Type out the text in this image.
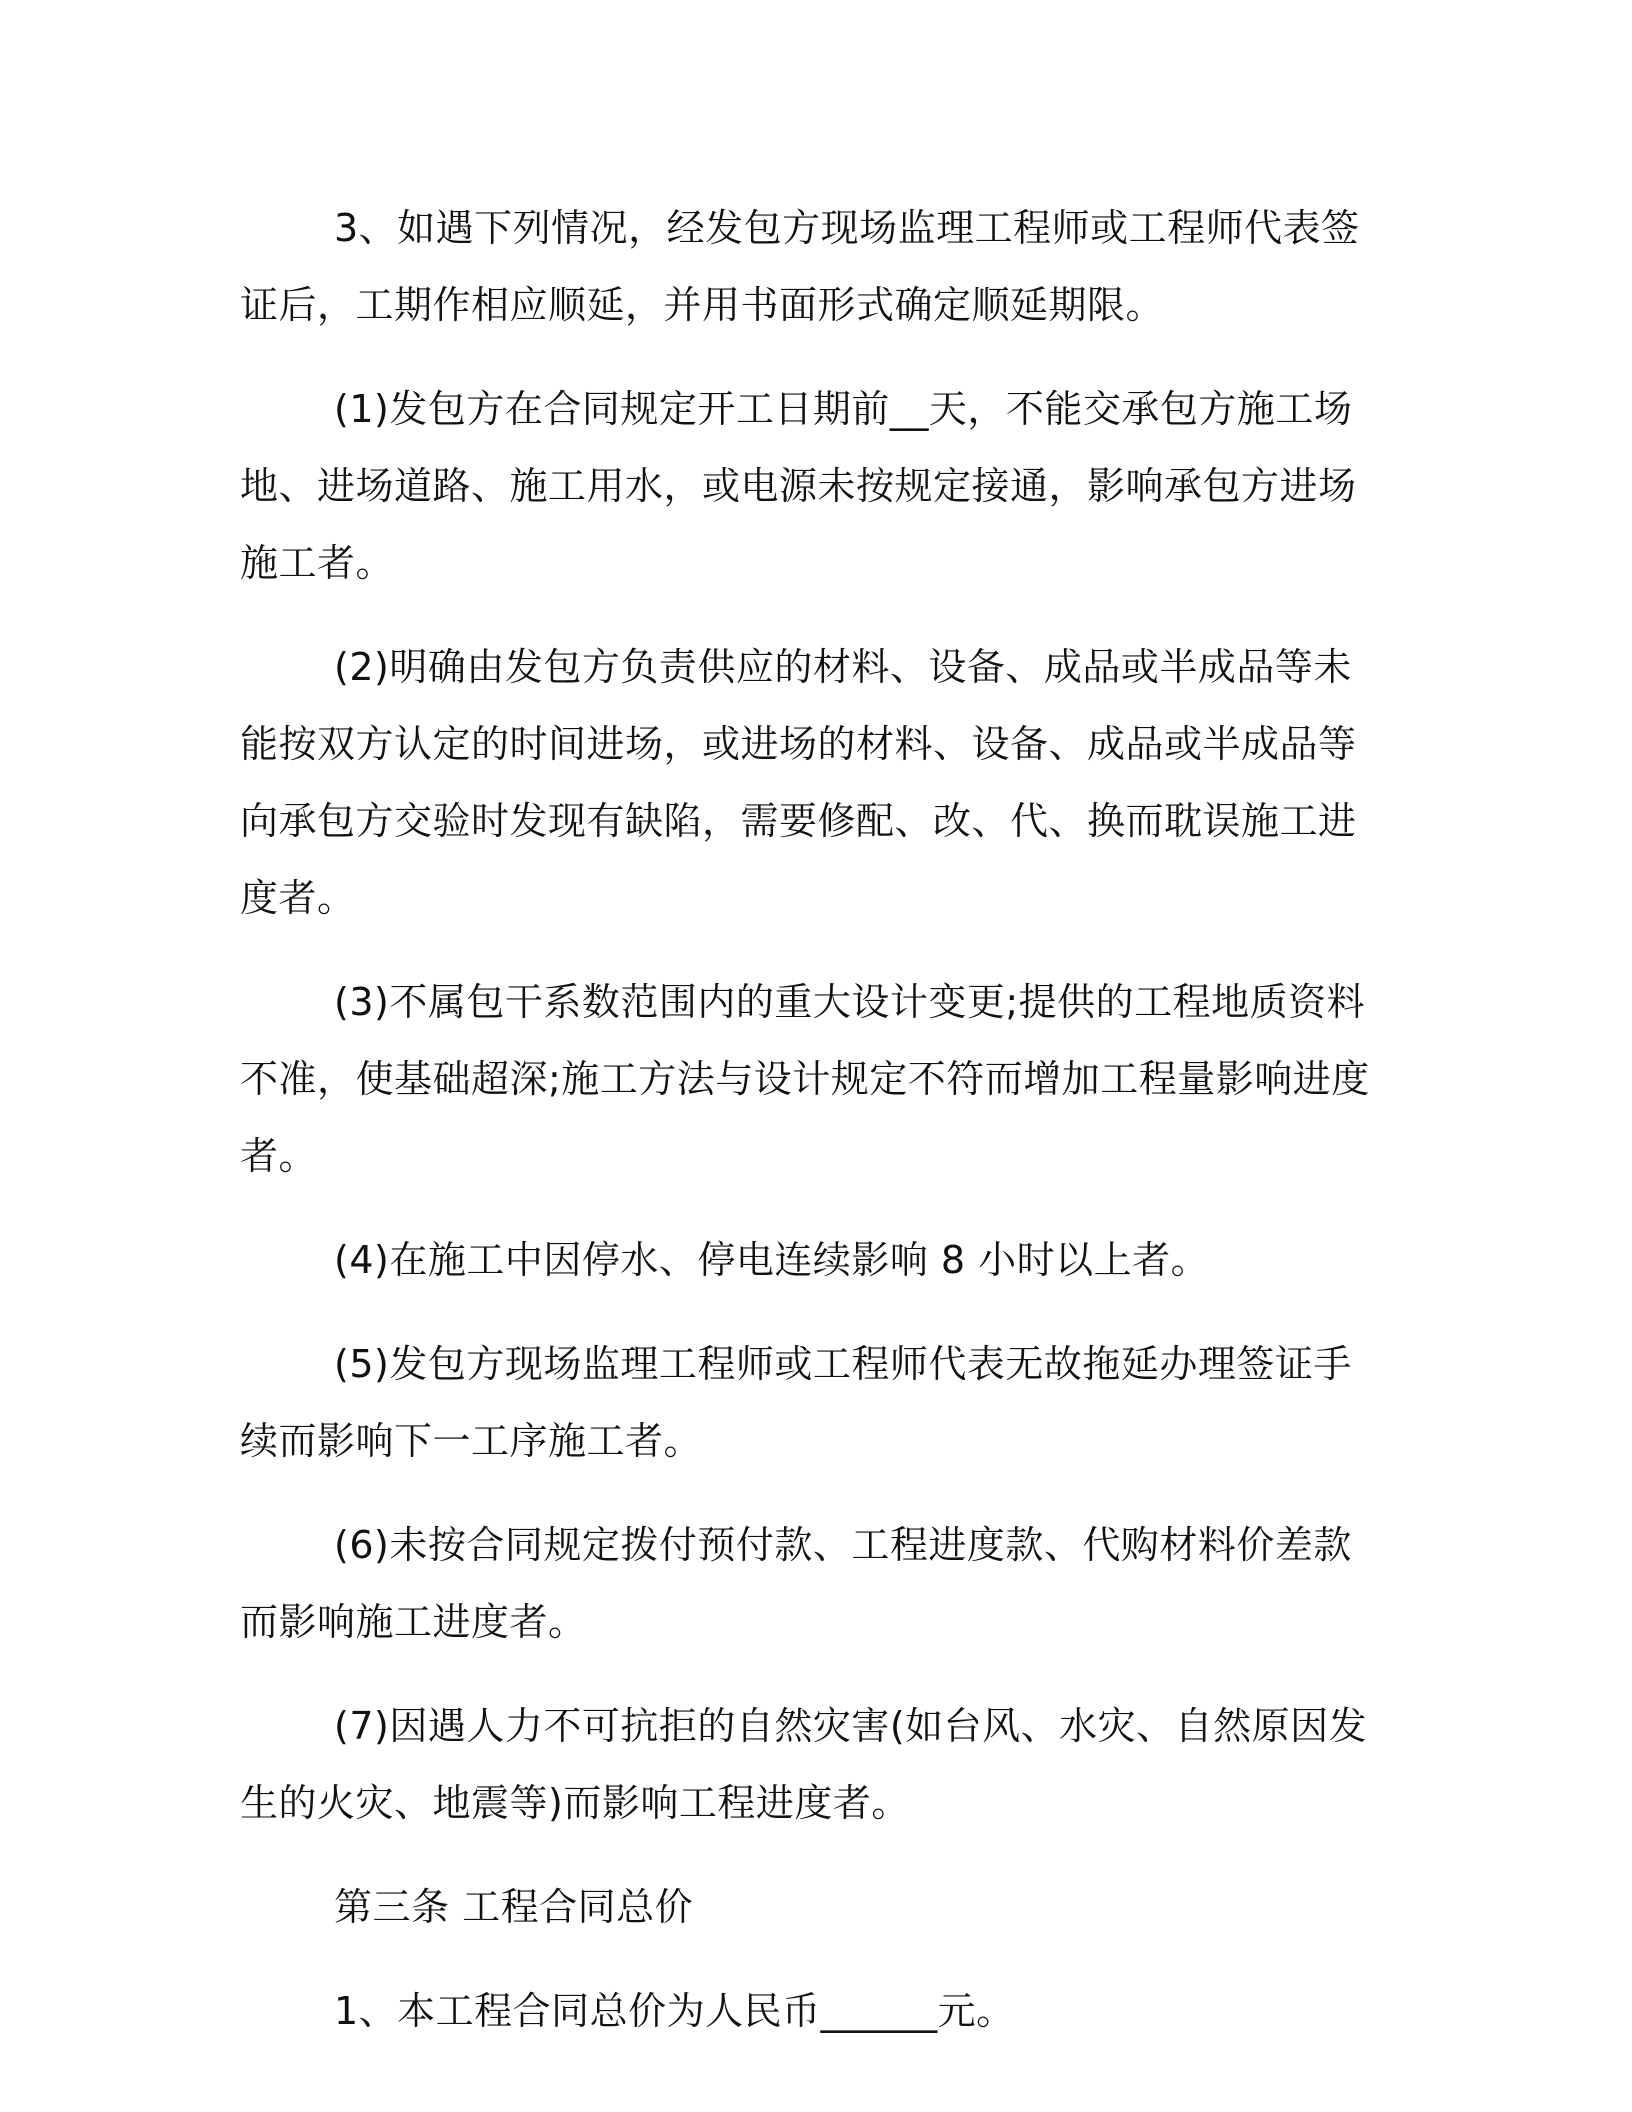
3、如遇下列情况，经发包方现场监理工程师或工程师代表签证后，工期作相应顺延，并用书面形式确定顺延期限。

(1)发包方在合同规定开工日期前__天，不能交承包方施工场地、进场道路、施工用水，或电源未按规定接通，影响承包方进场施工者。

(2)明确由发包方负责供应的材料、设备、成品或半成品等未能按双方认定的时间进场，或进场的材料、设备、成品或半成品等向承包方交验时发现有缺陷，需要修配、改、代、换而耽误施工进度者。

(3)不属包干系数范围内的重大设计变更;提供的工程地质资料不准，使基础超深;施工方法与设计规定不符而增加工程量影响进度者。

(4)在施工中因停水、停电连续影响 8 小时以上者。

(5)发包方现场监理工程师或工程师代表无故拖延办理签证手续而影响下一工序施工者。

(6)未按合同规定拨付预付款、工程进度款、代购材料价差款而影响施工进度者。

(7)因遇人力不可抗拒的自然灾害(如台风、水灾、自然原因发生的火灾、地震等)而影响工程进度者。

第三条 工程合同总价

1、本工程合同总价为人民币______元。
